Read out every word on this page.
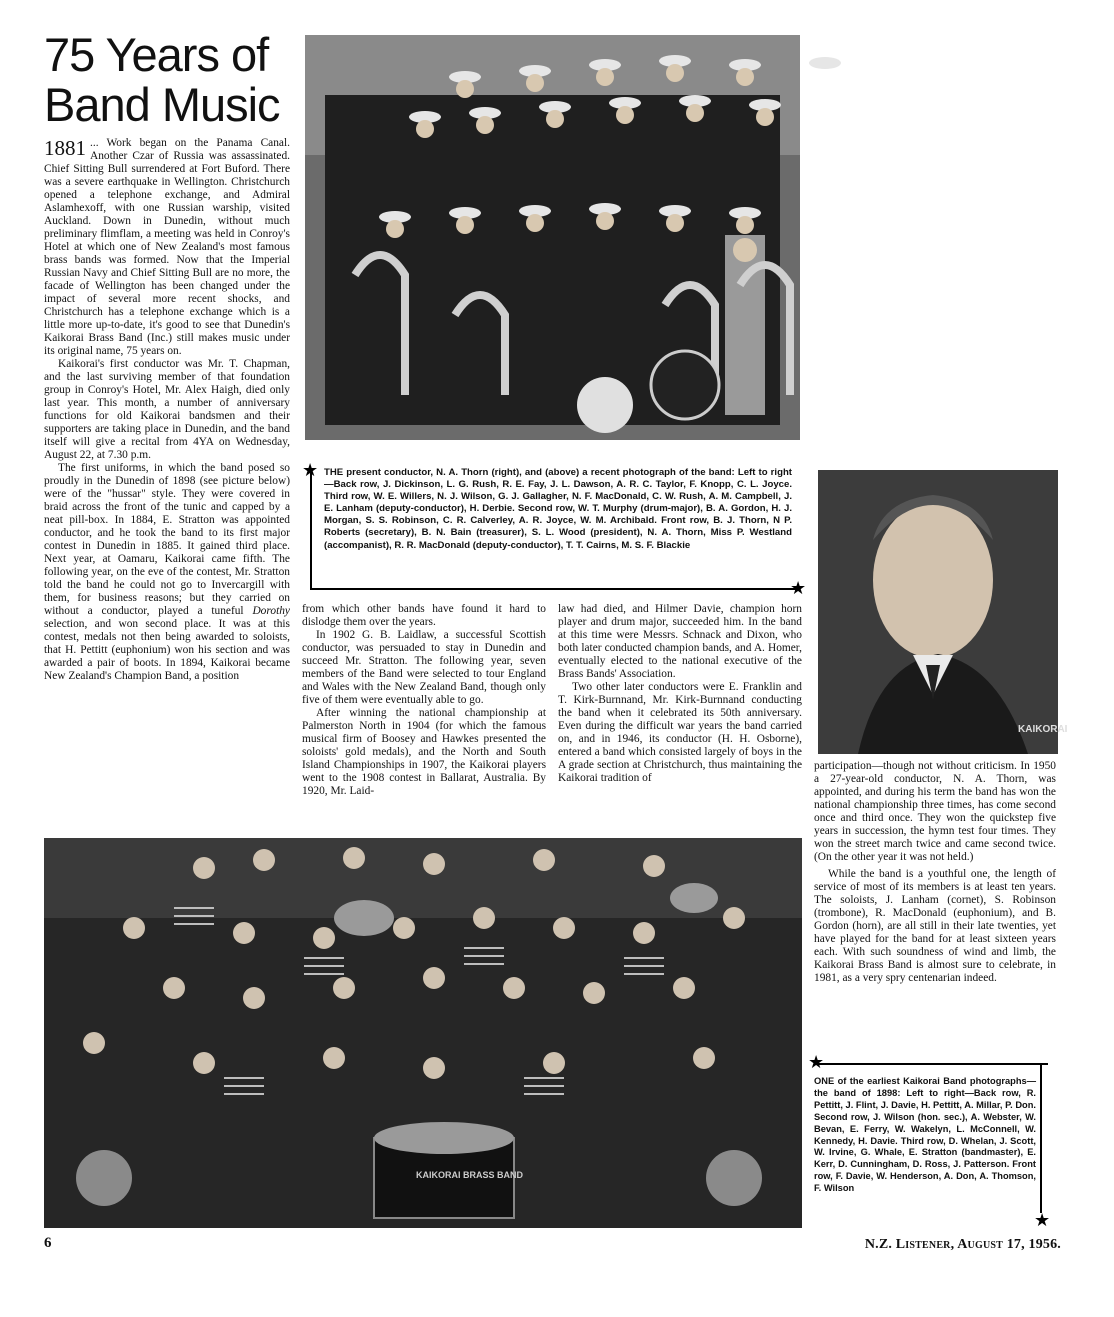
75 Years of Band Music

1881 ... Work began on the Panama Canal. Another Czar of Russia was assassinated. Chief Sitting Bull surrendered at Fort Buford. There was a severe earthquake in Wellington. Christchurch opened a telephone exchange, and Admiral Aslamhexoff, with one Russian warship, visited Auckland. Down in Dunedin, without much preliminary flimflam, a meeting was held in Conroy's Hotel at which one of New Zealand's most famous brass bands was formed. Now that the Imperial Russian Navy and Chief Sitting Bull are no more, the facade of Wellington has been changed under the impact of several more recent shocks, and Christchurch has a telephone exchange which is a little more up-to-date, it's good to see that Dunedin's Kaikorai Brass Band (Inc.) still makes music under its original name, 75 years on.

Kaikorai's first conductor was Mr. T. Chapman, and the last surviving member of that foundation group in Conroy's Hotel, Mr. Alex Haigh, died only last year. This month, a number of anniversary functions for old Kaikorai bandsmen and their supporters are taking place in Dunedin, and the band itself will give a recital from 4YA on Wednesday, August 22, at 7.30 p.m.

The first uniforms, in which the band posed so proudly in the Dunedin of 1898 (see picture below) were of the "hussar" style. They were covered in braid across the front of the tunic and capped by a neat pill-box. In 1884, E. Stratton was appointed conductor, and he took the band to its first major contest in Dunedin in 1885. It gained third place. Next year, at Oamaru, Kaikorai came fifth. The following year, on the eve of the contest, Mr. Stratton told the band he could not go to Invercargill with them, for business reasons; but they carried on without a conductor, played a tuneful Dorothy selection, and won second place. It was at this contest, medals not then being awarded to soloists, that H. Pettitt (euphonium) won his section and was awarded a pair of boots. In 1894, Kaikorai became New Zealand's Champion Band, a position

★
★
THE present conductor, N. A. Thorn (right), and (above) a recent photograph of the band: Left to right—Back row, J. Dickinson, L. G. Rush, R. E. Fay, J. L. Dawson, A. R. C. Taylor, F. Knopp, C. L. Joyce. Third row, W. E. Willers, N. J. Wilson, G. J. Gallagher, N. F. MacDonald, C. W. Rush, A. M. Campbell, J. E. Lanham (deputy-conductor), H. Derbie. Second row, W. T. Murphy (drum-major), B. A. Gordon, H. J. Morgan, S. S. Robinson, C. R. Calverley, A. R. Joyce, W. M. Archibald. Front row, B. J. Thorn, N P. Roberts (secretary), B. N. Bain (treasurer), S. L. Wood (president), N. A. Thorn, Miss P. Westland (accompanist), R. R. MacDonald (deputy-conductor), T. T. Cairns, M. S. F. Blackie
KAIKORAI

from which other bands have found it hard to dislodge them over the years.

In 1902 G. B. Laidlaw, a successful Scottish conductor, was persuaded to stay in Dunedin and succeed Mr. Stratton. The following year, seven members of the Band were selected to tour England and Wales with the New Zealand Band, though only five of them were eventually able to go.

After winning the national championship at Palmerston North in 1904 (for which the famous musical firm of Boosey and Hawkes presented the soloists' gold medals), and the North and South Island Championships in 1907, the Kaikorai players went to the 1908 contest in Ballarat, Australia. By 1920, Mr. Laid-

law had died, and Hilmer Davie, champion horn player and drum major, succeeded him. In the band at this time were Messrs. Schnack and Dixon, who both later conducted champion bands, and A. Homer, eventually elected to the national executive of the Brass Bands' Association.

Two other later conductors were E. Franklin and T. Kirk-Burnnand, Mr. Kirk-Burnnand conducting the band when it celebrated its 50th anniversary. Even during the difficult war years the band carried on, and in 1946, its conductor (H. H. Osborne), entered a band which consisted largely of boys in the A grade section at Christchurch, thus maintaining the Kaikorai tradition of

participation—though not without criticism. In 1950 a 27-year-old conductor, N. A. Thorn, was appointed, and during his term the band has won the national championship three times, has come second once and third once. They won the quickstep five years in succession, the hymn test four times. They won the street march twice and came second twice. (On the other year it was not held.)

While the band is a youthful one, the length of service of most of its members is at least ten years. The soloists, J. Lanham (cornet), S. Robinson (trombone), R. MacDonald (euphonium), and B. Gordon (horn), are all still in their late twenties, yet have played for the band for at least sixteen years each. With such soundness of wind and limb, the Kaikorai Brass Band is almost sure to celebrate, in 1981, as a very spry centenarian indeed.

KAIKORAI BRASS BAND
★
★
ONE of the earliest Kaikorai Band photographs—the band of 1898: Left to right—Back row, R. Pettitt, J. Flint, J. Davie, H. Pettitt, A. Millar, P. Don. Second row, J. Wilson (hon. sec.), A. Webster, W. Bevan, E. Ferry, W. Wakelyn, L. McConnell, W. Kennedy, H. Davie. Third row, D. Whelan, J. Scott, W. Irvine, G. Whale, E. Stratton (bandmaster), E. Kerr, D. Cunningham, D. Ross, J. Patterson. Front row, F. Davie, W. Henderson, A. Don, A. Thomson, F. Wilson
6	N.Z. Listener, August 17, 1956.
